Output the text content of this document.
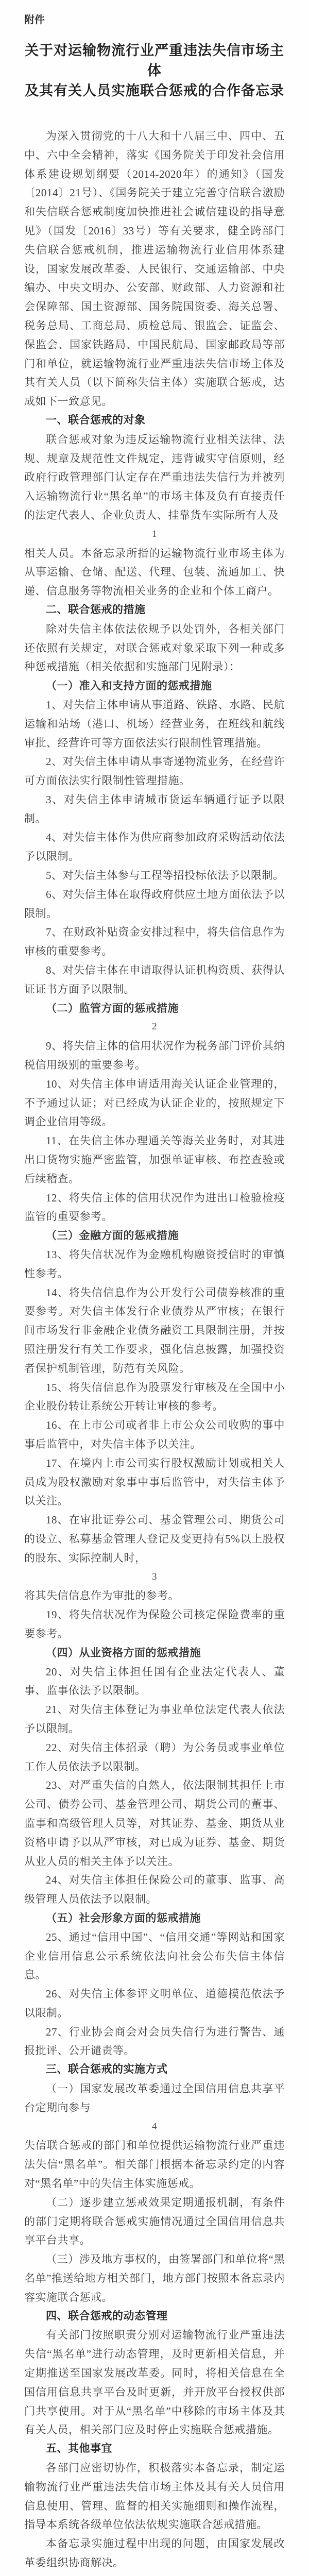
附件
关于对运输物流行业严重违法失信市场主体
及其有关人员实施联合惩戒的合作备忘录
为深入贯彻党的十八大和十八届三中、四中、五中、六中全会精神，落实《国务院关于印发社会信用体系建设规划纲要（2014-2020年）的通知》（国发〔2014〕21号）、《国务院关于建立完善守信联合激励和失信联合惩戒制度加快推进社会诚信建设的指导意见》（国发〔2016〕33号）等有关要求，健全跨部门失信联合惩戒机制，推进运输物流行业信用体系建设，国家发展改革委、人民银行、交通运输部、中央编办、中央文明办、公安部、财政部、人力资源和社会保障部、国土资源部、国务院国资委、海关总署、税务总局、工商总局、质检总局、银监会、证监会、保监会、国家铁路局、中国民航局、国家邮政局等部门和单位，就运输物流行业严重违法失信市场主体及其有关人员（以下简称失信主体）实施联合惩戒，达成如下一致意见。
一、联合惩戒的对象
联合惩戒对象为违反运输物流行业相关法律、法规、规章及规范性文件规定，违背诚实守信原则，经政府行政管理部门认定存在严重违法失信行为并被列入运输物流行业“黑名单”的市场主体及负有直接责任的法定代表人、企业负责人、挂靠货车实际所有人及
1
相关人员。本备忘录所指的运输物流行业市场主体为从事运输、仓储、配送、代理、包装、流通加工、快递、信息服务等物流相关业务的企业和个体工商户。
二、联合惩戒的措施
除对失信主体依法依规予以处罚外，各相关部门还依照有关规定，对联合惩戒对象采取下列一种或多种惩戒措施（相关依据和实施部门见附录）：
（一）准入和支持方面的惩戒措施
1、对失信主体申请从事道路、铁路、水路、民航运输和站场（港口、机场）经营业务，在班线和航线审批、经营许可等方面依法实行限制性管理措施。
2、对失信主体申请从事寄递物流业务，在经营许可方面依法实行限制性管理措施。
3、对失信主体申请城市货运车辆通行证予以限制。
4、对失信主体作为供应商参加政府采购活动依法予以限制。
5、对失信主体参与工程等招投标依法予以限制。
6、对失信主体在取得政府供应土地方面依法予以限制。
7、在财政补贴资金安排过程中，将失信信息作为审核的重要参考。
8、对失信主体在申请取得认证机构资质、获得认证证书方面予以限制。
（二）监管方面的惩戒措施
2
9、将失信主体的信用状况作为税务部门评价其纳税信用级别的重要参考。
10、对失信主体申请适用海关认证企业管理的，不予通过认证；对已经成为认证企业的，按照规定下调企业信用等级。
11、在失信主体办理通关等海关业务时，对其进出口货物实施严密监管，加强单证审核、布控查验或后续稽查。
12、将失信主体的信用状况作为进出口检验检疫监管的重要参考。
（三）金融方面的惩戒措施
13、将失信状况作为金融机构融资授信时的审慎性参考。
14、将失信信息作为公开发行公司债券核准的重要参考。对失信主体发行企业债券从严审核；在银行间市场发行非金融企业债务融资工具限制注册，并按照注册发行有关工作要求，强化信息披露，加强投资者保护机制管理，防范有关风险。
15、将失信信息作为股票发行审核及在全国中小企业股份转让系统公开转让审核的参考。
16、在上市公司或者非上市公众公司收购的事中事后监管中，对失信主体予以关注。
17、在境内上市公司实行股权激励计划或相关人员成为股权激励对象事中事后监管中，对失信主体予以关注。
18、在审批证券公司、基金管理公司、期货公司的设立、私募基金管理人登记及变更持有5%以上股权的股东、实际控制人时，
3
将其失信信息作为审批的参考。
19、将失信状况作为保险公司核定保险费率的重要参考。
（四）从业资格方面的惩戒措施
20、对失信主体担任国有企业法定代表人、董事、监事依法予以限制。
21、对失信主体登记为事业单位法定代表人依法予以限制。
22、对失信主体招录（聘）为公务员或事业单位工作人员依法予以限制。
23、对严重失信的自然人，依法限制其担任上市公司、债券公司、基金管理公司、期货公司的董事、监事和高级管理人员等，对其证券、基金、期货从业资格申请予以从严审核，对已成为证券、基金、期货从业人员的相关主体予以关注。
24、对失信主体担任保险公司的董事、监事、高级管理人员依法予以限制。
（五）社会形象方面的惩戒措施
25、通过“信用中国”、“信用交通”等网站和国家企业信用信息公示系统依法向社会公布失信主体信息。
26、对失信主体参评文明单位、道德模范依法予以限制。
27、行业协会商会对会员失信行为进行警告、通报批评、公开谴责等。
三、联合惩戒的实施方式
（一）国家发展改革委通过全国信用信息共享平台定期向参与
4
失信联合惩戒的部门和单位提供运输物流行业严重违法失信“黑名单”。相关部门根据本备忘录约定的内容对“黑名单”中的失信主体实施惩戒。
（二）逐步建立惩戒效果定期通报机制，有条件的部门定期将联合惩戒实施情况通过全国信用信息共享平台共享。
（三）涉及地方事权的，由签署部门和单位将“黑名单”推送给地方相关部门，地方部门按照本备忘录内容实施联合惩戒。
四、联合惩戒的动态管理
有关部门按照职责分别对运输物流行业严重违法失信“黑名单”进行动态管理，及时更新相关信息，并定期推送至国家发展改革委。同时，将相关信息在全国信用信息共享平台及时更新，并开放平台授权供部门共享使用。对于从“黑名单”中移除的市场主体及其有关人员，相关部门应及时停止实施联合惩戒措施。
五、其他事宜
各部门应密切协作，积极落实本备忘录，制定运输物流行业严重违法失信市场主体及其有关人员信用信息使用、管理、监督的相关实施细则和操作流程，指导本系统各级单位依法依规实施联合惩戒措施。
本备忘录实施过程中出现的问题，由国家发展改革委组织协商解决。
